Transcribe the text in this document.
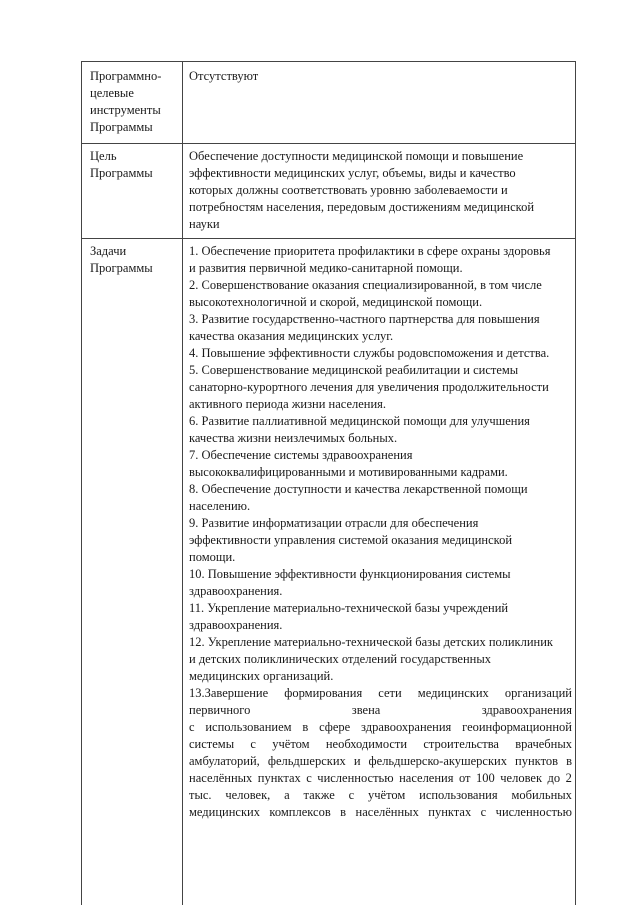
Программно-
целевые
инструменты
Программы
Отсутствуют
Цель
Программы
Обеспечение доступности медицинской помощи и повышение
эффективности медицинских услуг, объемы, виды и качество
которых должны соответствовать уровню заболеваемости и
потребностям населения, передовым достижениям медицинской
науки
Задачи
Программы
1. Обеспечение приоритета профилактики в сфере охраны здоровья
и развития первичной медико-санитарной помощи.
2. Совершенствование оказания специализированной, в том числе
высокотехнологичной и скорой, медицинской помощи.
3. Развитие государственно-частного партнерства для повышения
качества оказания медицинских услуг.
4. Повышение эффективности службы родовспоможения и детства.
5. Совершенствование медицинской реабилитации и системы
санаторно-курортного лечения для увеличения продолжительности
активного периода жизни населения.
6. Развитие паллиативной медицинской помощи для улучшения
качества жизни неизлечимых больных.
7. Обеспечение системы здравоохранения
высококвалифицированными и мотивированными кадрами.
8. Обеспечение доступности и качества лекарственной помощи
населению.
9. Развитие информатизации отрасли для обеспечения
эффективности управления системой оказания медицинской
помощи.
10. Повышение эффективности функционирования системы
здравоохранения.
11. Укрепление материально-технической базы учреждений
здравоохранения.
12. Укрепление материально-технической базы детских поликлиник
и детских поликлинических отделений государственных
медицинских организаций.
13.Завершение формирования сети медицинских организаций
первичного	звена	здравоохранения
с использованием в сфере здравоохранения геоинформационной
системы с учётом необходимости строительства врачебных
амбулаторий, фельдшерских и фельдшерско-акушерских пунктов в
населённых пунктах с численностью населения от 100 человек до 2
тыс. человек, а также с учётом использования мобильных
медицинских комплексов в населённых пунктах с численностью
